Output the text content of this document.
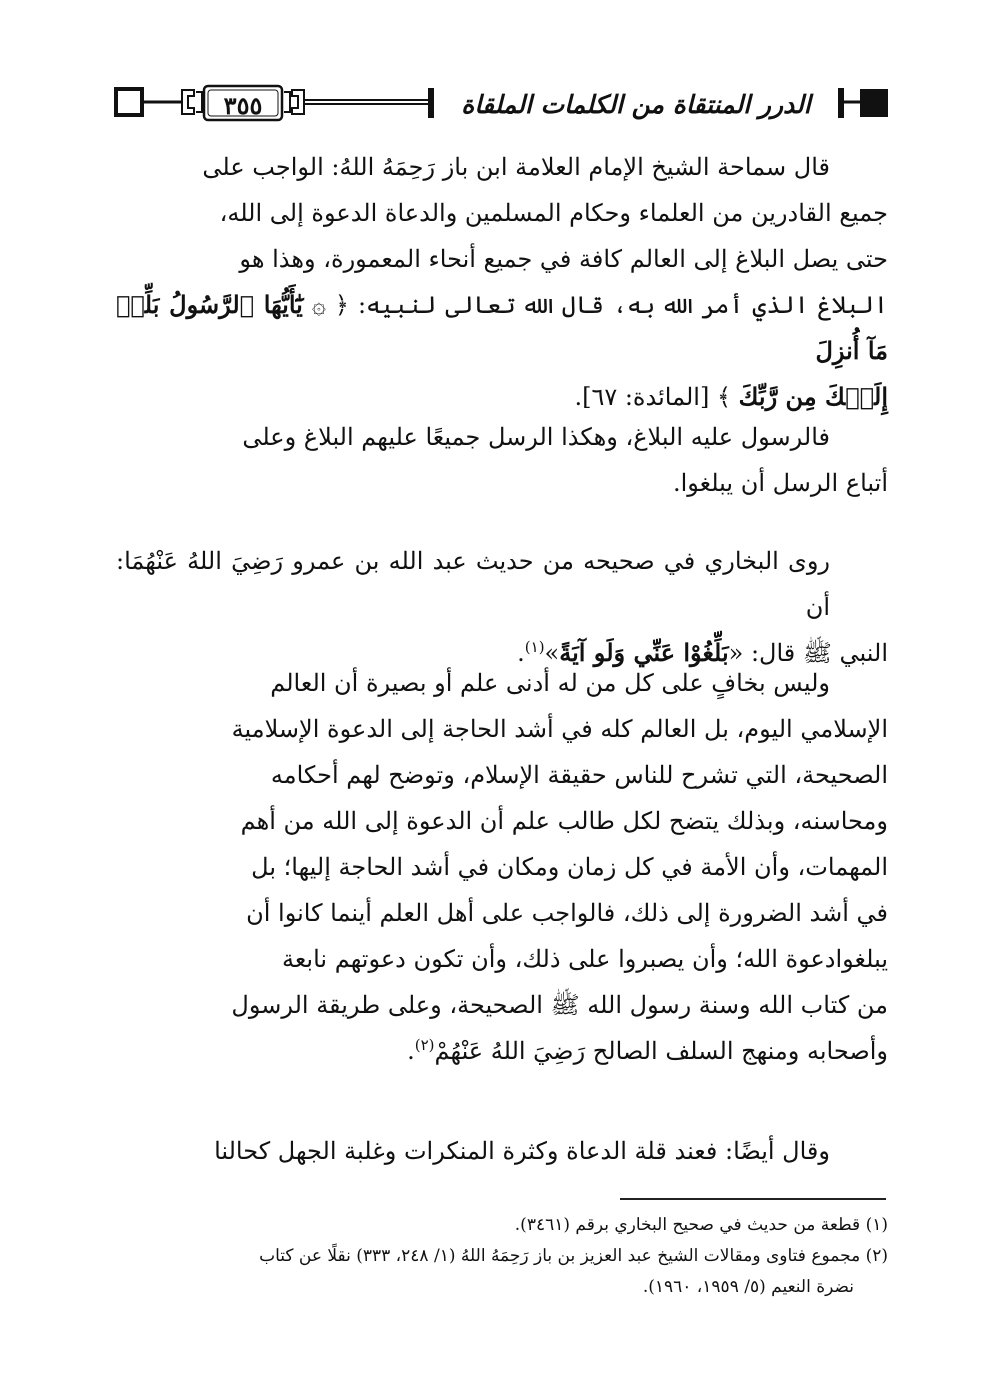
٣٥٥	الدرر المنتقاة من الكلمات الملقاة
قال سماحة الشيخ الإمام العلامة ابن باز رَحِمَهُ اللهُ: الواجب على
جميع القادرين من العلماء وحكام المسلمين والدعاة الدعوة إلى الله،
حتى يصل البلاغ إلى العالم كافة في جميع أنحاء المعمورة، وهذا هو
البلاغ الذي أمر الله به، قال الله تعالى لنبيه: ﴿ ۞ يَٰٓأَيُّهَا ٱلرَّسُولُ بَلِّغۡ مَآ أُنزِلَ
إِلَيۡكَ مِن رَّبِّكَ ﴾ [المائدة: ٦٧].
فالرسول عليه البلاغ، وهكذا الرسل جميعًا عليهم البلاغ وعلى
أتباع الرسل أن يبلغوا.
روى البخاري في صحيحه من حديث عبد الله بن عمرو رَضِيَ اللهُ عَنْهُمَا: أن
النبي ﷺ قال: «بَلِّغُوْا عَنِّي وَلَو آيَةً»$^{(١)}$.
وليس بخافٍ على كل من له أدنى علم أو بصيرة أن العالم
الإسلامي اليوم، بل العالم كله في أشد الحاجة إلى الدعوة الإسلامية
الصحيحة، التي تشرح للناس حقيقة الإسلام، وتوضح لهم أحكامه
ومحاسنه، وبذلك يتضح لكل طالب علم أن الدعوة إلى الله من أهم
المهمات، وأن الأمة في كل زمان ومكان في أشد الحاجة إليها؛ بل
في أشد الضرورة إلى ذلك، فالواجب على أهل العلم أينما كانوا أن
يبلغوادعوة الله؛ وأن يصبروا على ذلك، وأن تكون دعوتهم نابعة
من كتاب الله وسنة رسول الله ﷺ الصحيحة، وعلى طريقة الرسول
وأصحابه ومنهج السلف الصالح رَضِيَ اللهُ عَنْهُمْ$^{(٢)}$.
وقال أيضًا: فعند قلة الدعاة وكثرة المنكرات وغلبة الجهل كحالنا
(١) قطعة من حديث في صحيح البخاري برقم (٣٤٦١).
(٢) مجموع فتاوى ومقالات الشيخ عبد العزيز بن باز رَحِمَهُ اللهُ (١/ ٢٤٨، ٣٣٣) نقلًا عن كتاب
نضرة النعيم (٥/ ١٩٥٩، ١٩٦٠).
